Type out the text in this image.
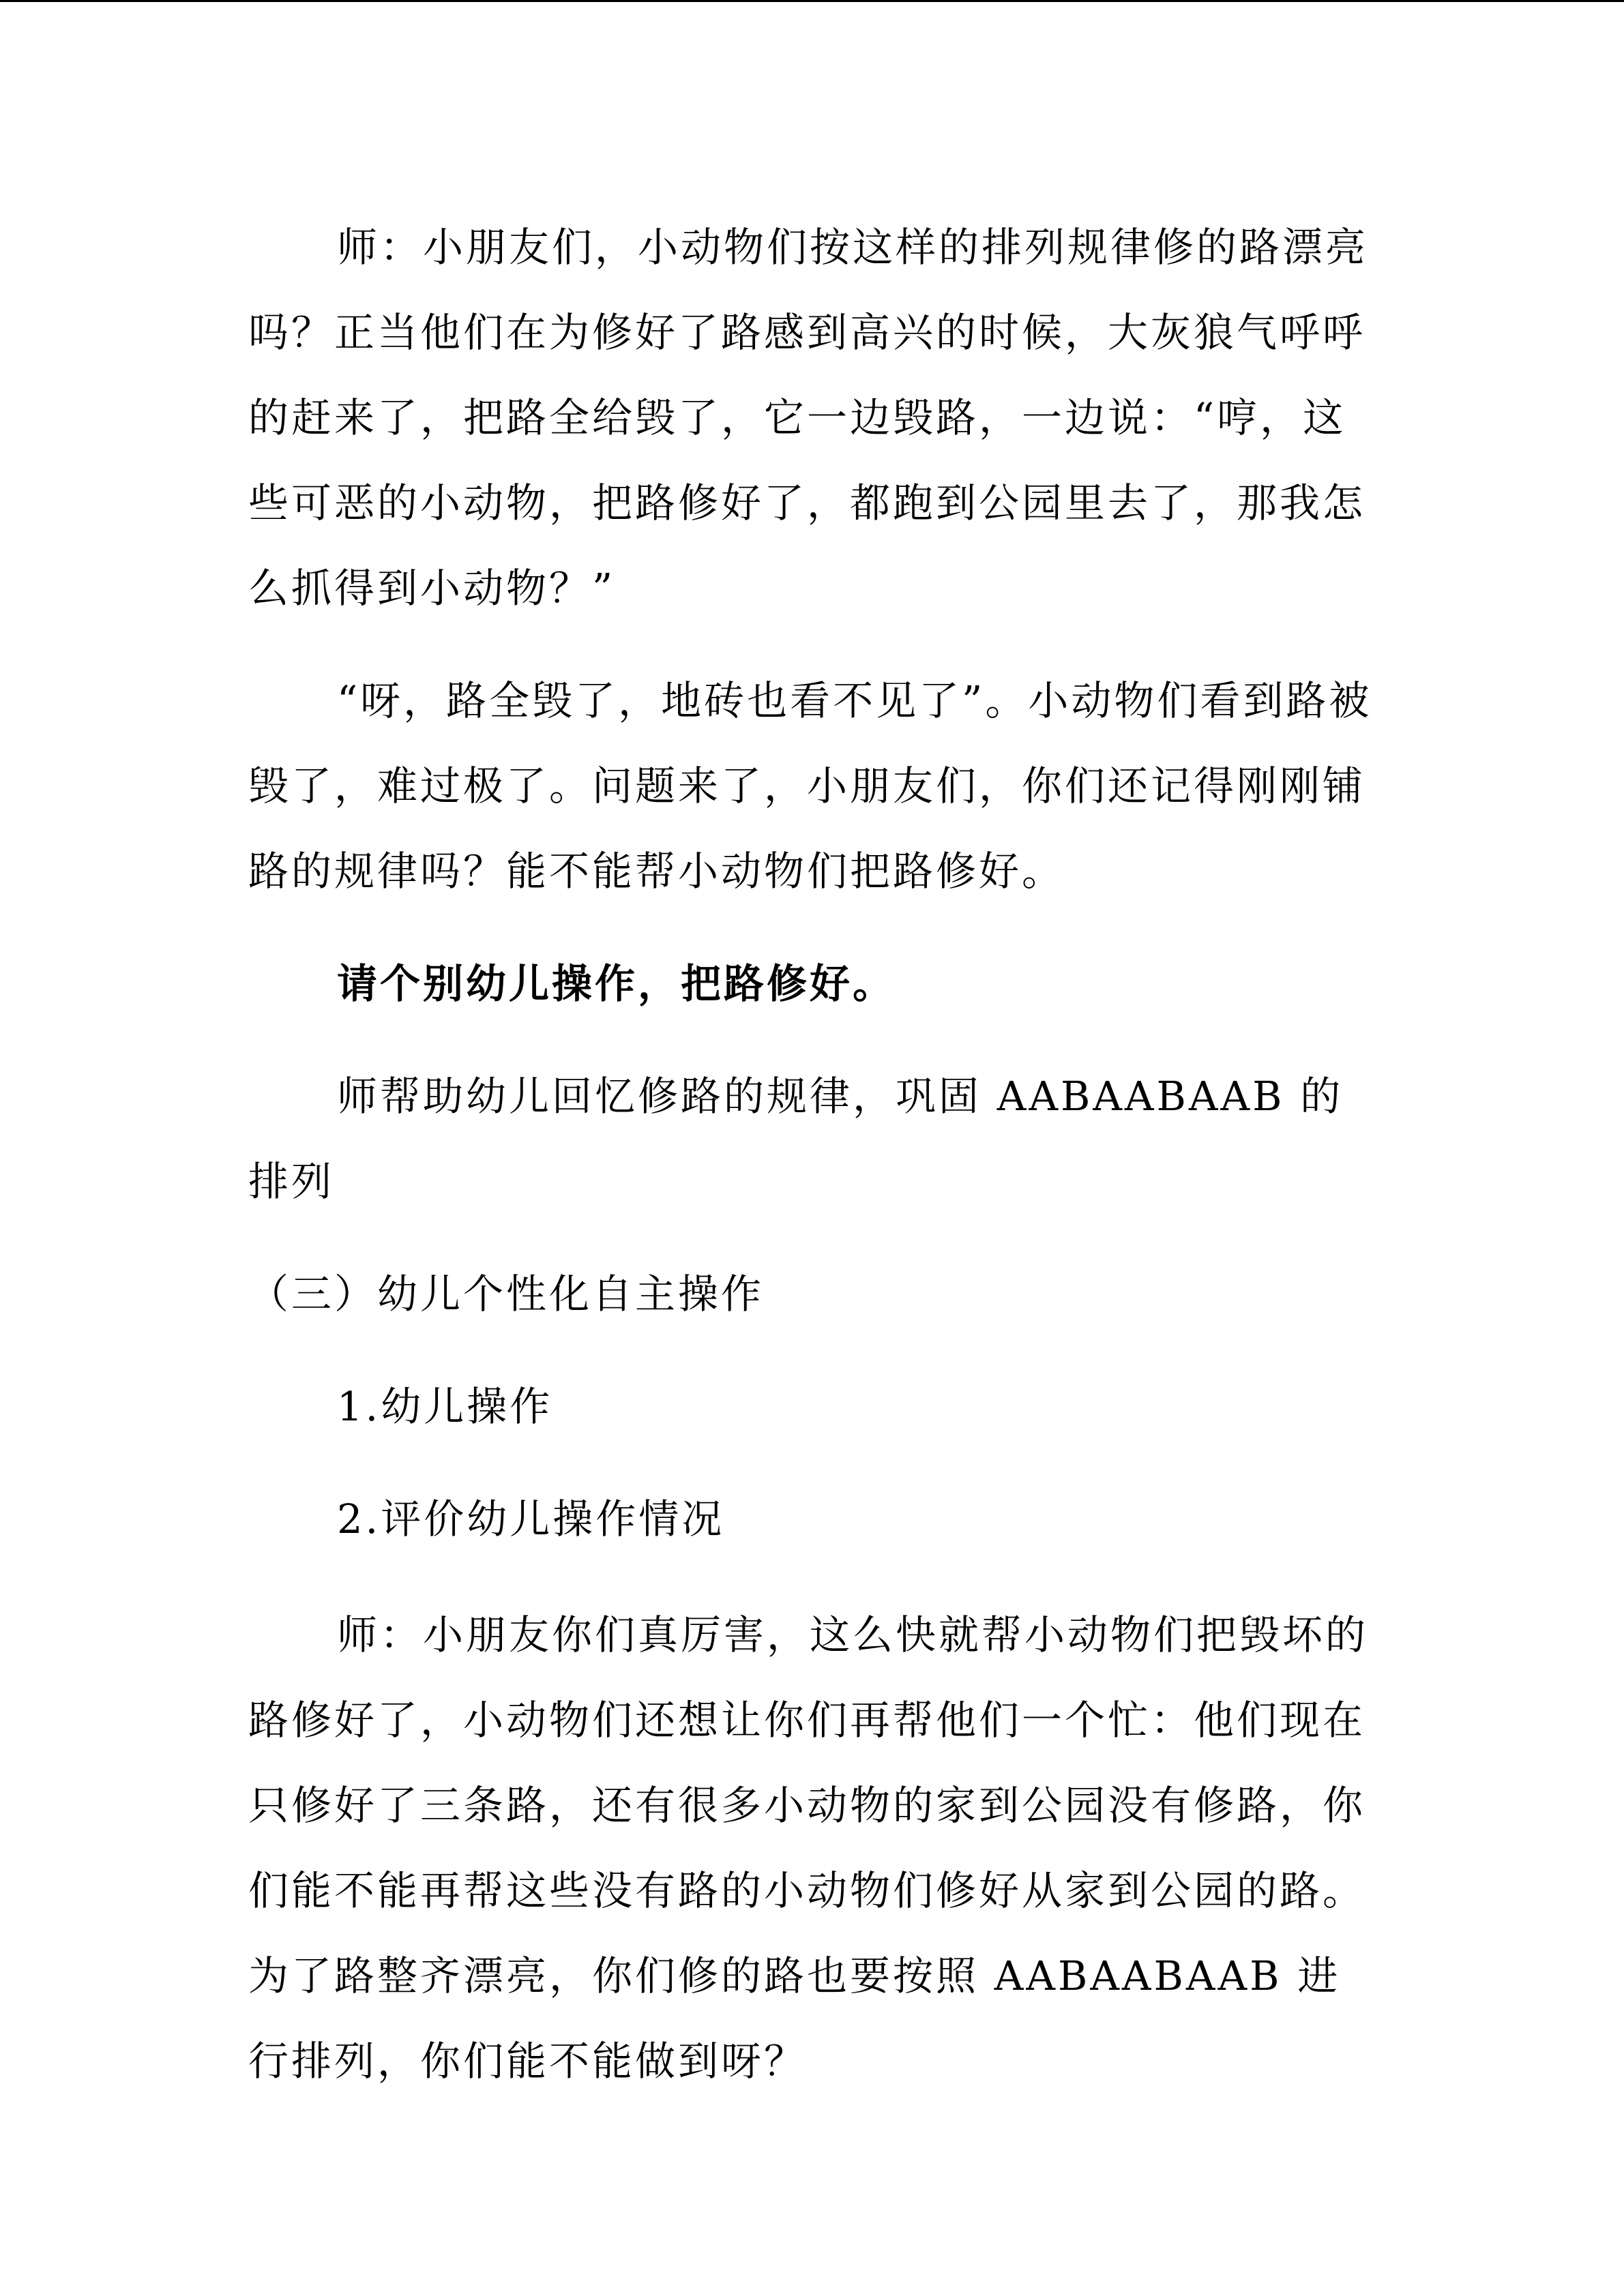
师：小朋友们，小动物们按这样的排列规律修的路漂亮吗？正当他们在为修好了路感到高兴的时候，大灰狼气呼呼的赶来了，把路全给毁了，它一边毁路，一边说：“哼，这些可恶的小动物，把路修好了，都跑到公园里去了，那我怎么抓得到小动物？”

“呀，路全毁了，地砖也看不见了”。小动物们看到路被毁了，难过极了。问题来了，小朋友们，你们还记得刚刚铺路的规律吗？能不能帮小动物们把路修好。

请个别幼儿操作，把路修好。

师帮助幼儿回忆修路的规律，巩固 AABAABAAB 的排列

（三）幼儿个性化自主操作

1.幼儿操作

2.评价幼儿操作情况

师：小朋友你们真厉害，这么快就帮小动物们把毁坏的路修好了，小动物们还想让你们再帮他们一个忙：他们现在只修好了三条路，还有很多小动物的家到公园没有修路，你们能不能再帮这些没有路的小动物们修好从家到公园的路。为了路整齐漂亮，你们修的路也要按照 AABAABAAB 进行排列，你们能不能做到呀？
